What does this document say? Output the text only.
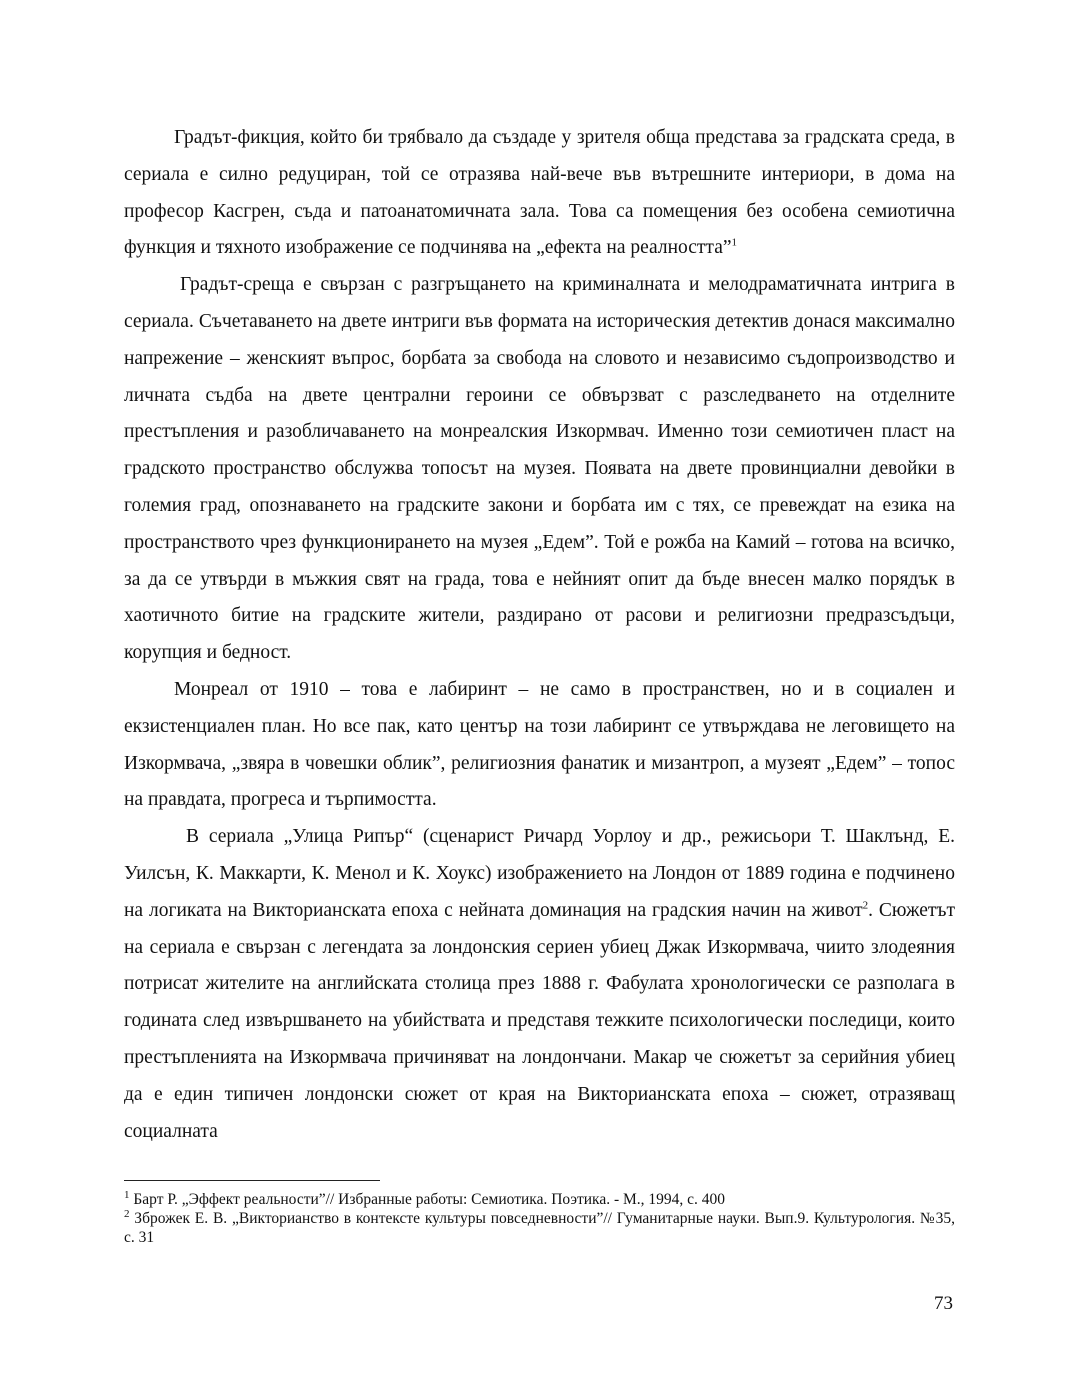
Градът-фикция, който би трябвало да създаде у зрителя обща представа за градската среда, в сериала е силно редуциран, той се отразява най-вече във вътрешните интериори, в дома на професор Касгрен, съда и патоанатомичната зала. Това са помещения без особена семиотична функция и тяхното изображение се подчинява на „ефекта на реалността”$^1$

Градът-среща е свързан с разгръщането на криминалната и мелодраматичната интрига в сериала. Съчетаването на двете интриги във формата на историческия детектив донася максимално напрежение – женският въпрос, борбата за свобода на словото и независимо съдопроизводство и личната съдба на двете централни героини се обвързват с разследването на отделните престъпления и разобличаването на монреалския Изкормвач. Именно този семиотичен пласт на градското пространство обслужва топосът на музея. Появата на двете провинциални девойки в големия град, опознаването на градските закони и борбата им с тях, се превеждат на езика на пространството чрез функционирането на музея „Едем”. Той е рожба на Камий – готова на всичко, за да се утвърди в мъжкия свят на града, това е нейният опит да бъде внесен малко порядък в хаотичното битие на градските жители, раздирано от расови и религиозни предразсъдъци, корупция и бедност.

Монреал от 1910 – това е лабиринт – не само в пространствен, но и в социален и екзистенциален план. Но все пак, като център на този лабиринт се утвърждава не леговището на Изкормвача, „звяра в човешки облик”, религиозния фанатик и мизантроп, а музеят „Едем” – топос на правдата, прогреса и търпимостта.

В сериала „Улица Рипър“ (сценарист Ричард Уорлоу и др., режисьори Т. Шаклънд, Е. Уилсън, К. Маккарти, К. Менол и К. Хоукс) изображението на Лондон от 1889 година е подчинено на логиката на Викторианската епоха с нейната доминация на градския начин на живот$^2$. Сюжетът на сериала е свързан с легендата за лондонския сериен убиец Джак Изкормвача, чиито злодеяния потрисат жителите на английската столица през 1888 г. Фабулата хронологически се разполага в годината след извършването на убийствата и представя тежките психологически последици, които престъпленията на Изкормвача причиняват на лондончани. Макар че сюжетът за серийния убиец да е един типичен лондонски сюжет от края на Викторианската епоха – сюжет, отразяващ социалната

$^1$ Барт Р. „Эффект реальности”// Избранные работы: Семиотика. Поэтика. - М., 1994, с. 400

$^2$ Зброжек Е. В. „Викторианство в контексте культуры повседневности”// Гуманитарные науки. Вып.9. Культурология. №35, с. 31

73
